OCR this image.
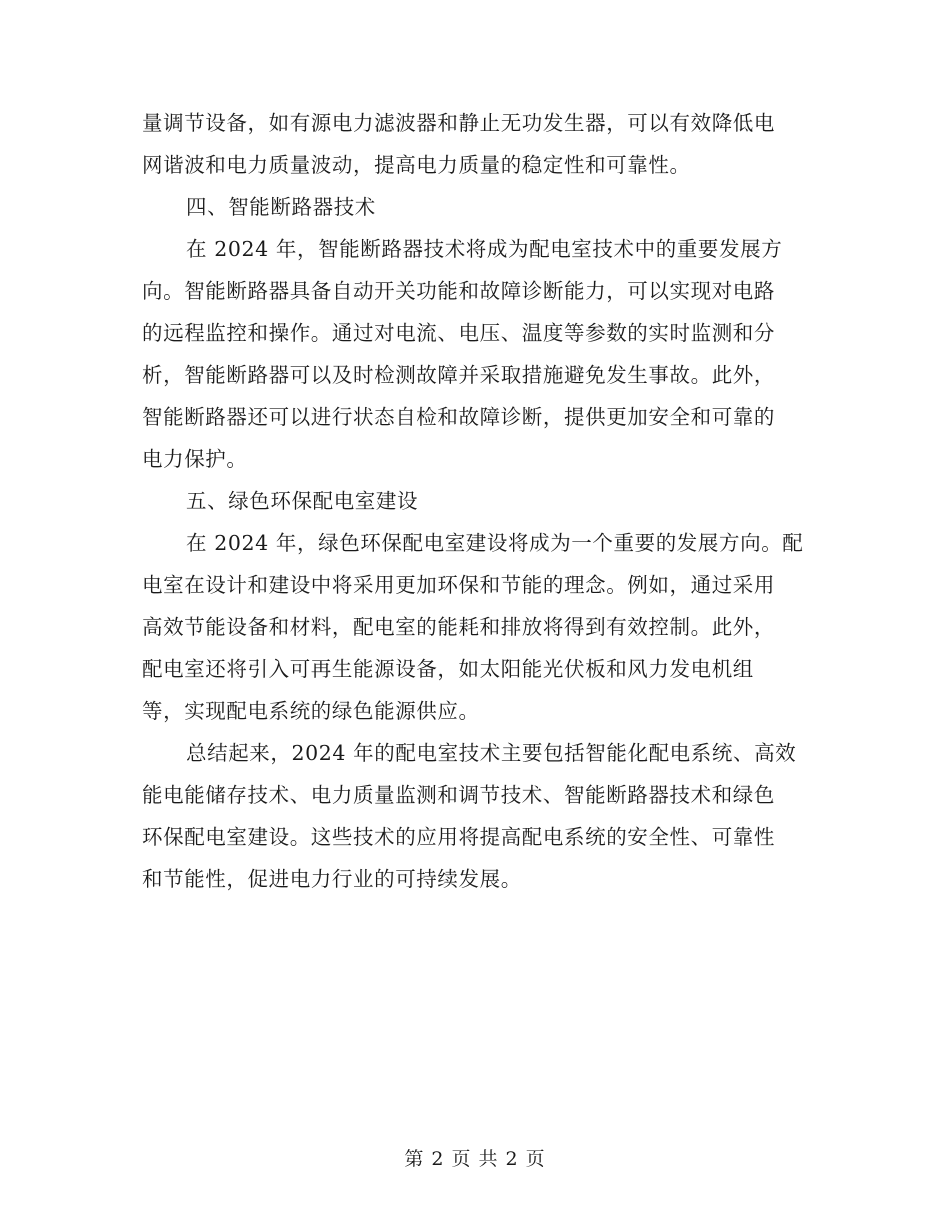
量调节设备，如有源电力滤波器和静止无功发生器，可以有效降低电
网谐波和电力质量波动，提高电力质量的稳定性和可靠性。
四、智能断路器技术
在 2024 年，智能断路器技术将成为配电室技术中的重要发展方
向。智能断路器具备自动开关功能和故障诊断能力，可以实现对电路
的远程监控和操作。通过对电流、电压、温度等参数的实时监测和分
析，智能断路器可以及时检测故障并采取措施避免发生事故。此外，
智能断路器还可以进行状态自检和故障诊断，提供更加安全和可靠的
电力保护。
五、绿色环保配电室建设
在 2024 年，绿色环保配电室建设将成为一个重要的发展方向。配
电室在设计和建设中将采用更加环保和节能的理念。例如，通过采用
高效节能设备和材料，配电室的能耗和排放将得到有效控制。此外，
配电室还将引入可再生能源设备，如太阳能光伏板和风力发电机组
等，实现配电系统的绿色能源供应。
总结起来，2024 年的配电室技术主要包括智能化配电系统、高效
能电能储存技术、电力质量监测和调节技术、智能断路器技术和绿色
环保配电室建设。这些技术的应用将提高配电系统的安全性、可靠性
和节能性，促进电力行业的可持续发展。
第 2 页 共 2 页
